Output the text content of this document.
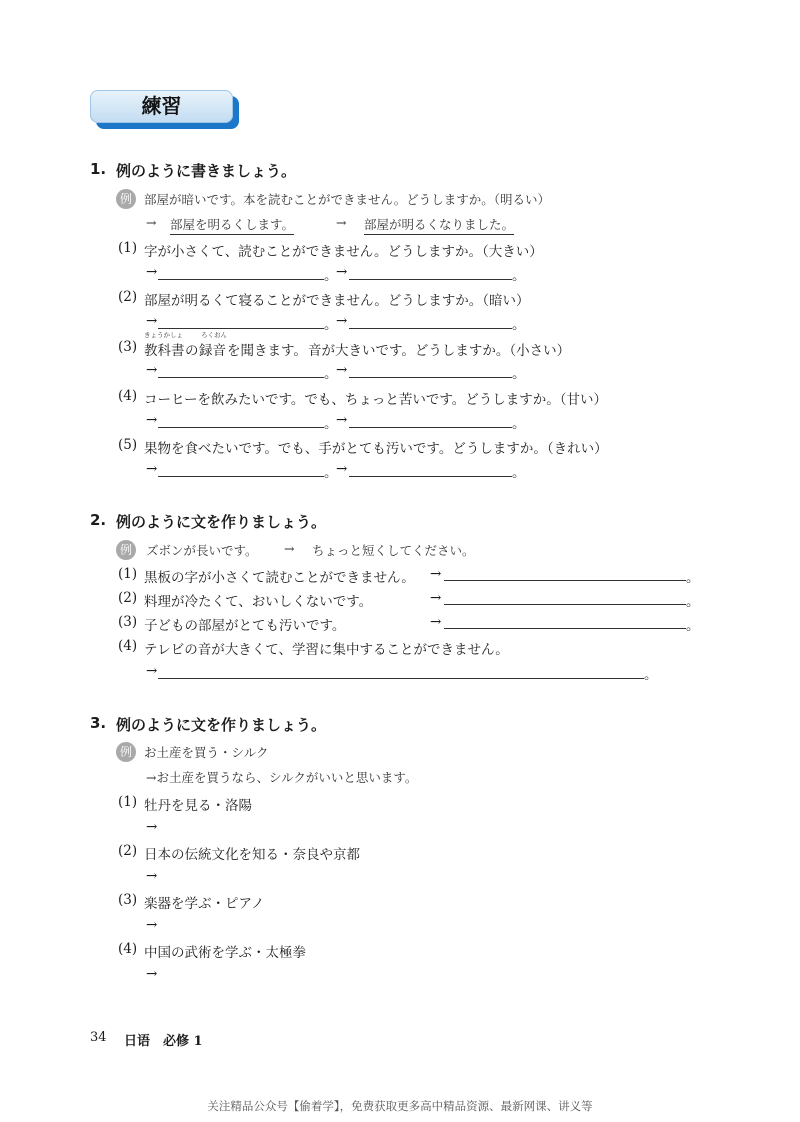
練習
1. 例のように書きましょう。
例 部屋が暗いです。本を読むことができません。どうしますか。（明るい）
→ 部屋を明るくします。	→ 部屋が明るくなりました。
(1) 字が小さくて、読むことができません。どうしますか。（大きい）
→	。
→	。
(2) 部屋が明るくて寝ることができません。どうしますか。（暗い）
→	。
→	。
(3)
きょうかしょ
教科書 の
ろくおん
録音 を聞きます。 音が大きいです。どうしますか。（小さい）
→	。
→	。
(4) コーヒーを飲みたいです。でも、ちょっと苦いです。どうしますか。（甘い）
→	。
→	。
(5) 果物を食べたいです。でも、手がとても汚いです。どうしますか。（きれい）
→	。
→	。
2. 例のように文を作りましょう。
例	ズボンが長いです。 → ちょっと短くしてください。
(1) 黒板の字が小さくて読むことができません。 →	。
(2) 料理が冷たくて、おいしくないです。	→	。
(3) 子どもの部屋がとても汚いです。	→	。
(4) テレビの音が大きくて、学習に集中することができません。
→	。
3. 例のように文を作りましょう。
例 お土産を買う・シルク
→お土産を買うなら、シルクがいいと思います。
(1) 牡丹を見る・洛陽
→
(2) 日本の伝統文化を知る・奈良や京都
→
(3) 楽器を学ぶ・ピアノ
→
(4) 中国の武術を学ぶ・太極拳
→
34 日语　必修 1
关注精品公众号【偷着学】，免费获取更多高中精品资源、最新网课、讲义等
